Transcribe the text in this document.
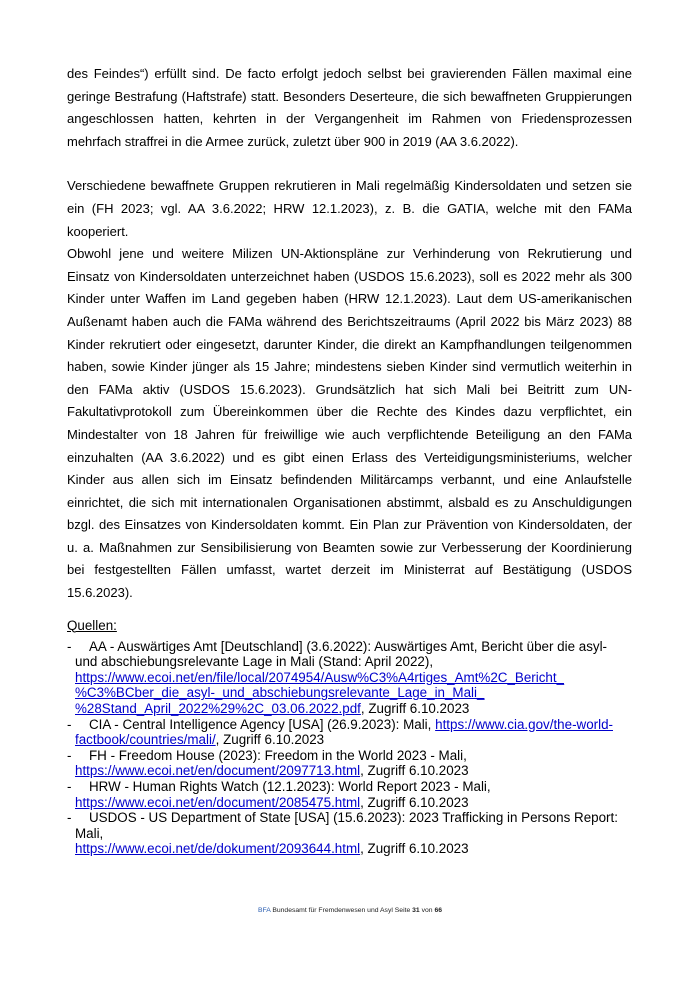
des Feindes“) erfüllt sind. De facto erfolgt jedoch selbst bei gravierenden Fällen maximal eine geringe Bestrafung (Haftstrafe) statt. Besonders Deserteure, die sich bewaffneten Gruppierungen angeschlossen hatten, kehrten in der Vergangenheit im Rahmen von Friedensprozessen mehrfach straffrei in die Armee zurück, zuletzt über 900 in 2019 (AA 3.6.2022).

Verschiedene bewaffnete Gruppen rekrutieren in Mali regelmäßig Kindersoldaten und setzen sie ein (FH 2023; vgl. AA 3.6.2022; HRW 12.1.2023), z. B. die GATIA, welche mit den FAMa kooperiert.

Obwohl jene und weitere Milizen UN-Aktionspläne zur Verhinderung von Rekrutierung und Einsatz von Kindersoldaten unterzeichnet haben (USDOS 15.6.2023), soll es 2022 mehr als 300 Kinder unter Waffen im Land gegeben haben (HRW 12.1.2023). Laut dem US-amerikanischen Außenamt haben auch die FAMa während des Berichtszeitraums (April 2022 bis März 2023) 88 Kinder rekrutiert oder eingesetzt, darunter Kinder, die direkt an Kampfhandlungen teilgenommen haben, sowie Kinder jünger als 15 Jahre; mindestens sieben Kinder sind vermutlich weiterhin in den FAMa aktiv (USDOS 15.6.2023). Grundsätzlich hat sich Mali bei Beitritt zum UN-Fakultativprotokoll zum Übereinkommen über die Rechte des Kindes dazu verpflichtet, ein Mindestalter von 18 Jahren für freiwillige wie auch verpflichtende Beteiligung an den FAMa einzuhalten (AA 3.6.2022) und es gibt einen Erlass des Verteidigungsministeriums, welcher Kinder aus allen sich im Einsatz befindenden Militärcamps verbannt, und eine Anlaufstelle einrichtet, die sich mit internationalen Organisationen abstimmt, alsbald es zu Anschuldigungen bzgl. des Einsatzes von Kindersoldaten kommt. Ein Plan zur Prävention von Kindersoldaten, der u. a. Maßnahmen zur Sensibilisierung von Beamten sowie zur Verbesserung der Koordinierung bei festgestellten Fällen umfasst, wartet derzeit im Ministerrat auf Bestätigung (USDOS 15.6.2023).

Quellen:

- AA - Auswärtiges Amt [Deutschland] (3.6.2022): Auswärtiges Amt, Bericht über die asyl- und abschiebungsrelevante Lage in Mali (Stand: April 2022),
https://www.ecoi.net/en/file/local/2074954/Ausw%C3%A4rtiges_Amt%2C_Bericht_
%C3%BCber_die_asyl-_und_abschiebungsrelevante_Lage_in_Mali_
%28Stand_April_2022%29%2C_03.06.2022.pdf, Zugriff 6.10.2023

- CIA - Central Intelligence Agency [USA] (26.9.2023): Mali, https://www.cia.gov/the-world-
factbook/countries/mali/, Zugriff 6.10.2023

- FH - Freedom House (2023): Freedom in the World 2023 - Mali,
https://www.ecoi.net/en/document/2097713.html, Zugriff 6.10.2023

- HRW - Human Rights Watch (12.1.2023): World Report 2023 - Mali,
https://www.ecoi.net/en/document/2085475.html, Zugriff 6.10.2023

- USDOS - US Department of State [USA] (15.6.2023): 2023 Trafficking in Persons Report: Mali,
https://www.ecoi.net/de/dokument/2093644.html, Zugriff 6.10.2023

BFA Bundesamt für Fremdenwesen und Asyl Seite 31 von 66
